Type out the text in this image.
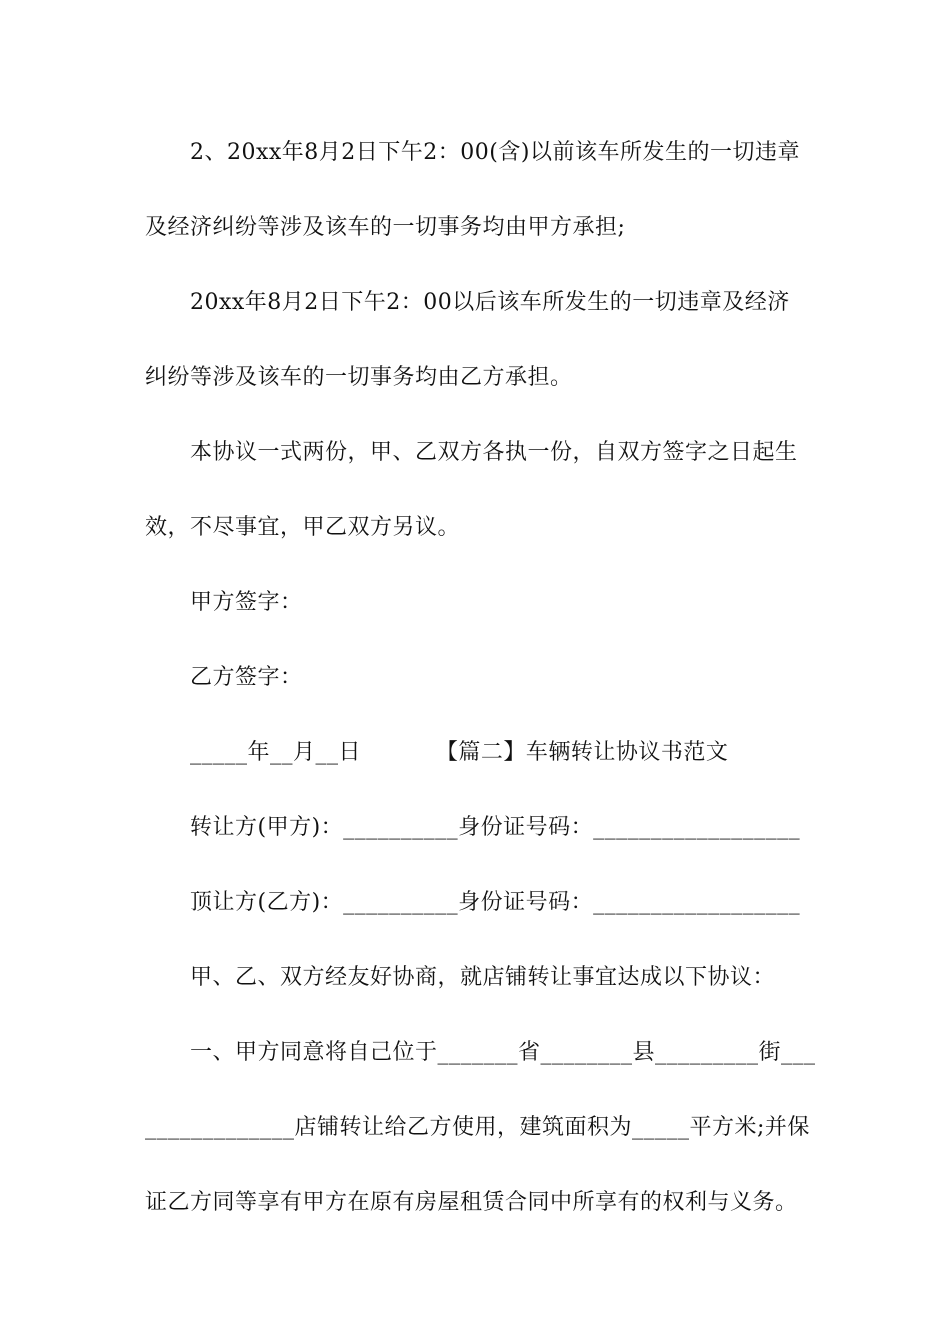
2、20xx年8月2日下午2：00(含)以前该车所发生的一切违章
及经济纠纷等涉及该车的一切事务均由甲方承担;
20xx年8月2日下午2：00以后该车所发生的一切违章及经济
纠纷等涉及该车的一切事务均由乙方承担。
本协议一式两份，甲、乙双方各执一份，自双方签字之日起生
效，不尽事宜，甲乙双方另议。
甲方签字：
乙方签字：
_____年__月__日          【篇二】车辆转让协议书范文
转让方(甲方)：__________身份证号码：__________________
顶让方(乙方)：__________身份证号码：__________________
甲、乙、双方经友好协商，就店铺转让事宜达成以下协议：
一、甲方同意将自己位于_______省________县_________街___
_____________店铺转让给乙方使用，建筑面积为_____平方米;并保
证乙方同等享有甲方在原有房屋租赁合同中所享有的权利与义务。
